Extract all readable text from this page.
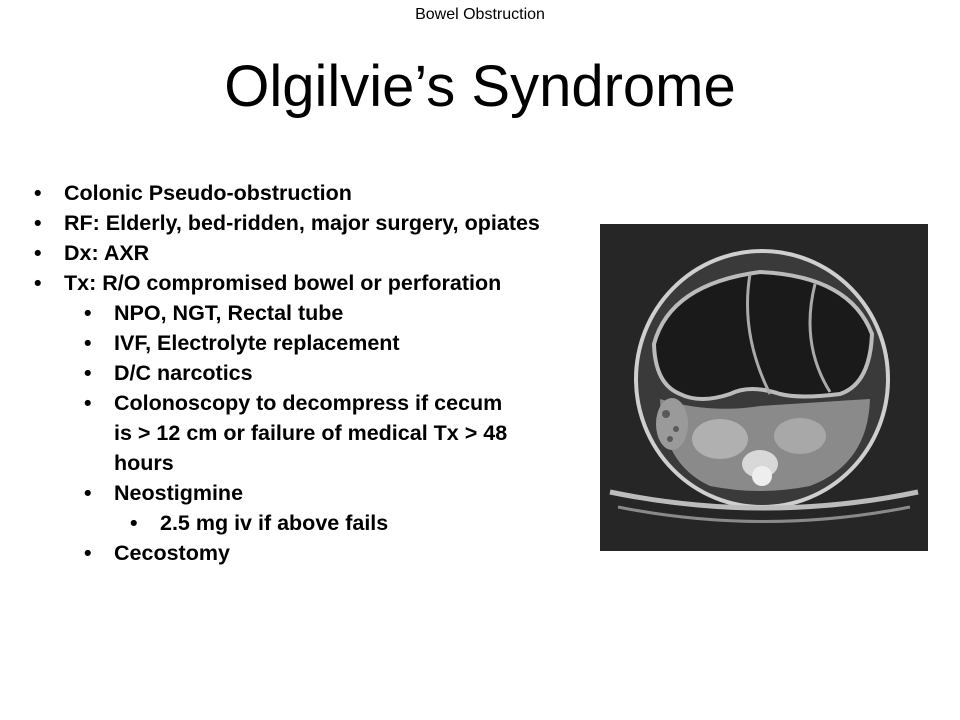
Bowel Obstruction
Olgilvie’s Syndrome
• Colonic Pseudo-obstruction
• RF: Elderly, bed-ridden, major surgery, opiates
• Dx: AXR
• Tx: R/O compromised bowel or perforation
• NPO, NGT, Rectal tube
• IVF, Electrolyte replacement
• D/C narcotics
• Colonoscopy to decompress if cecum is > 12 cm or failure of medical Tx > 48 hours
• Neostigmine
• 2.5 mg iv if above fails
• Cecostomy
